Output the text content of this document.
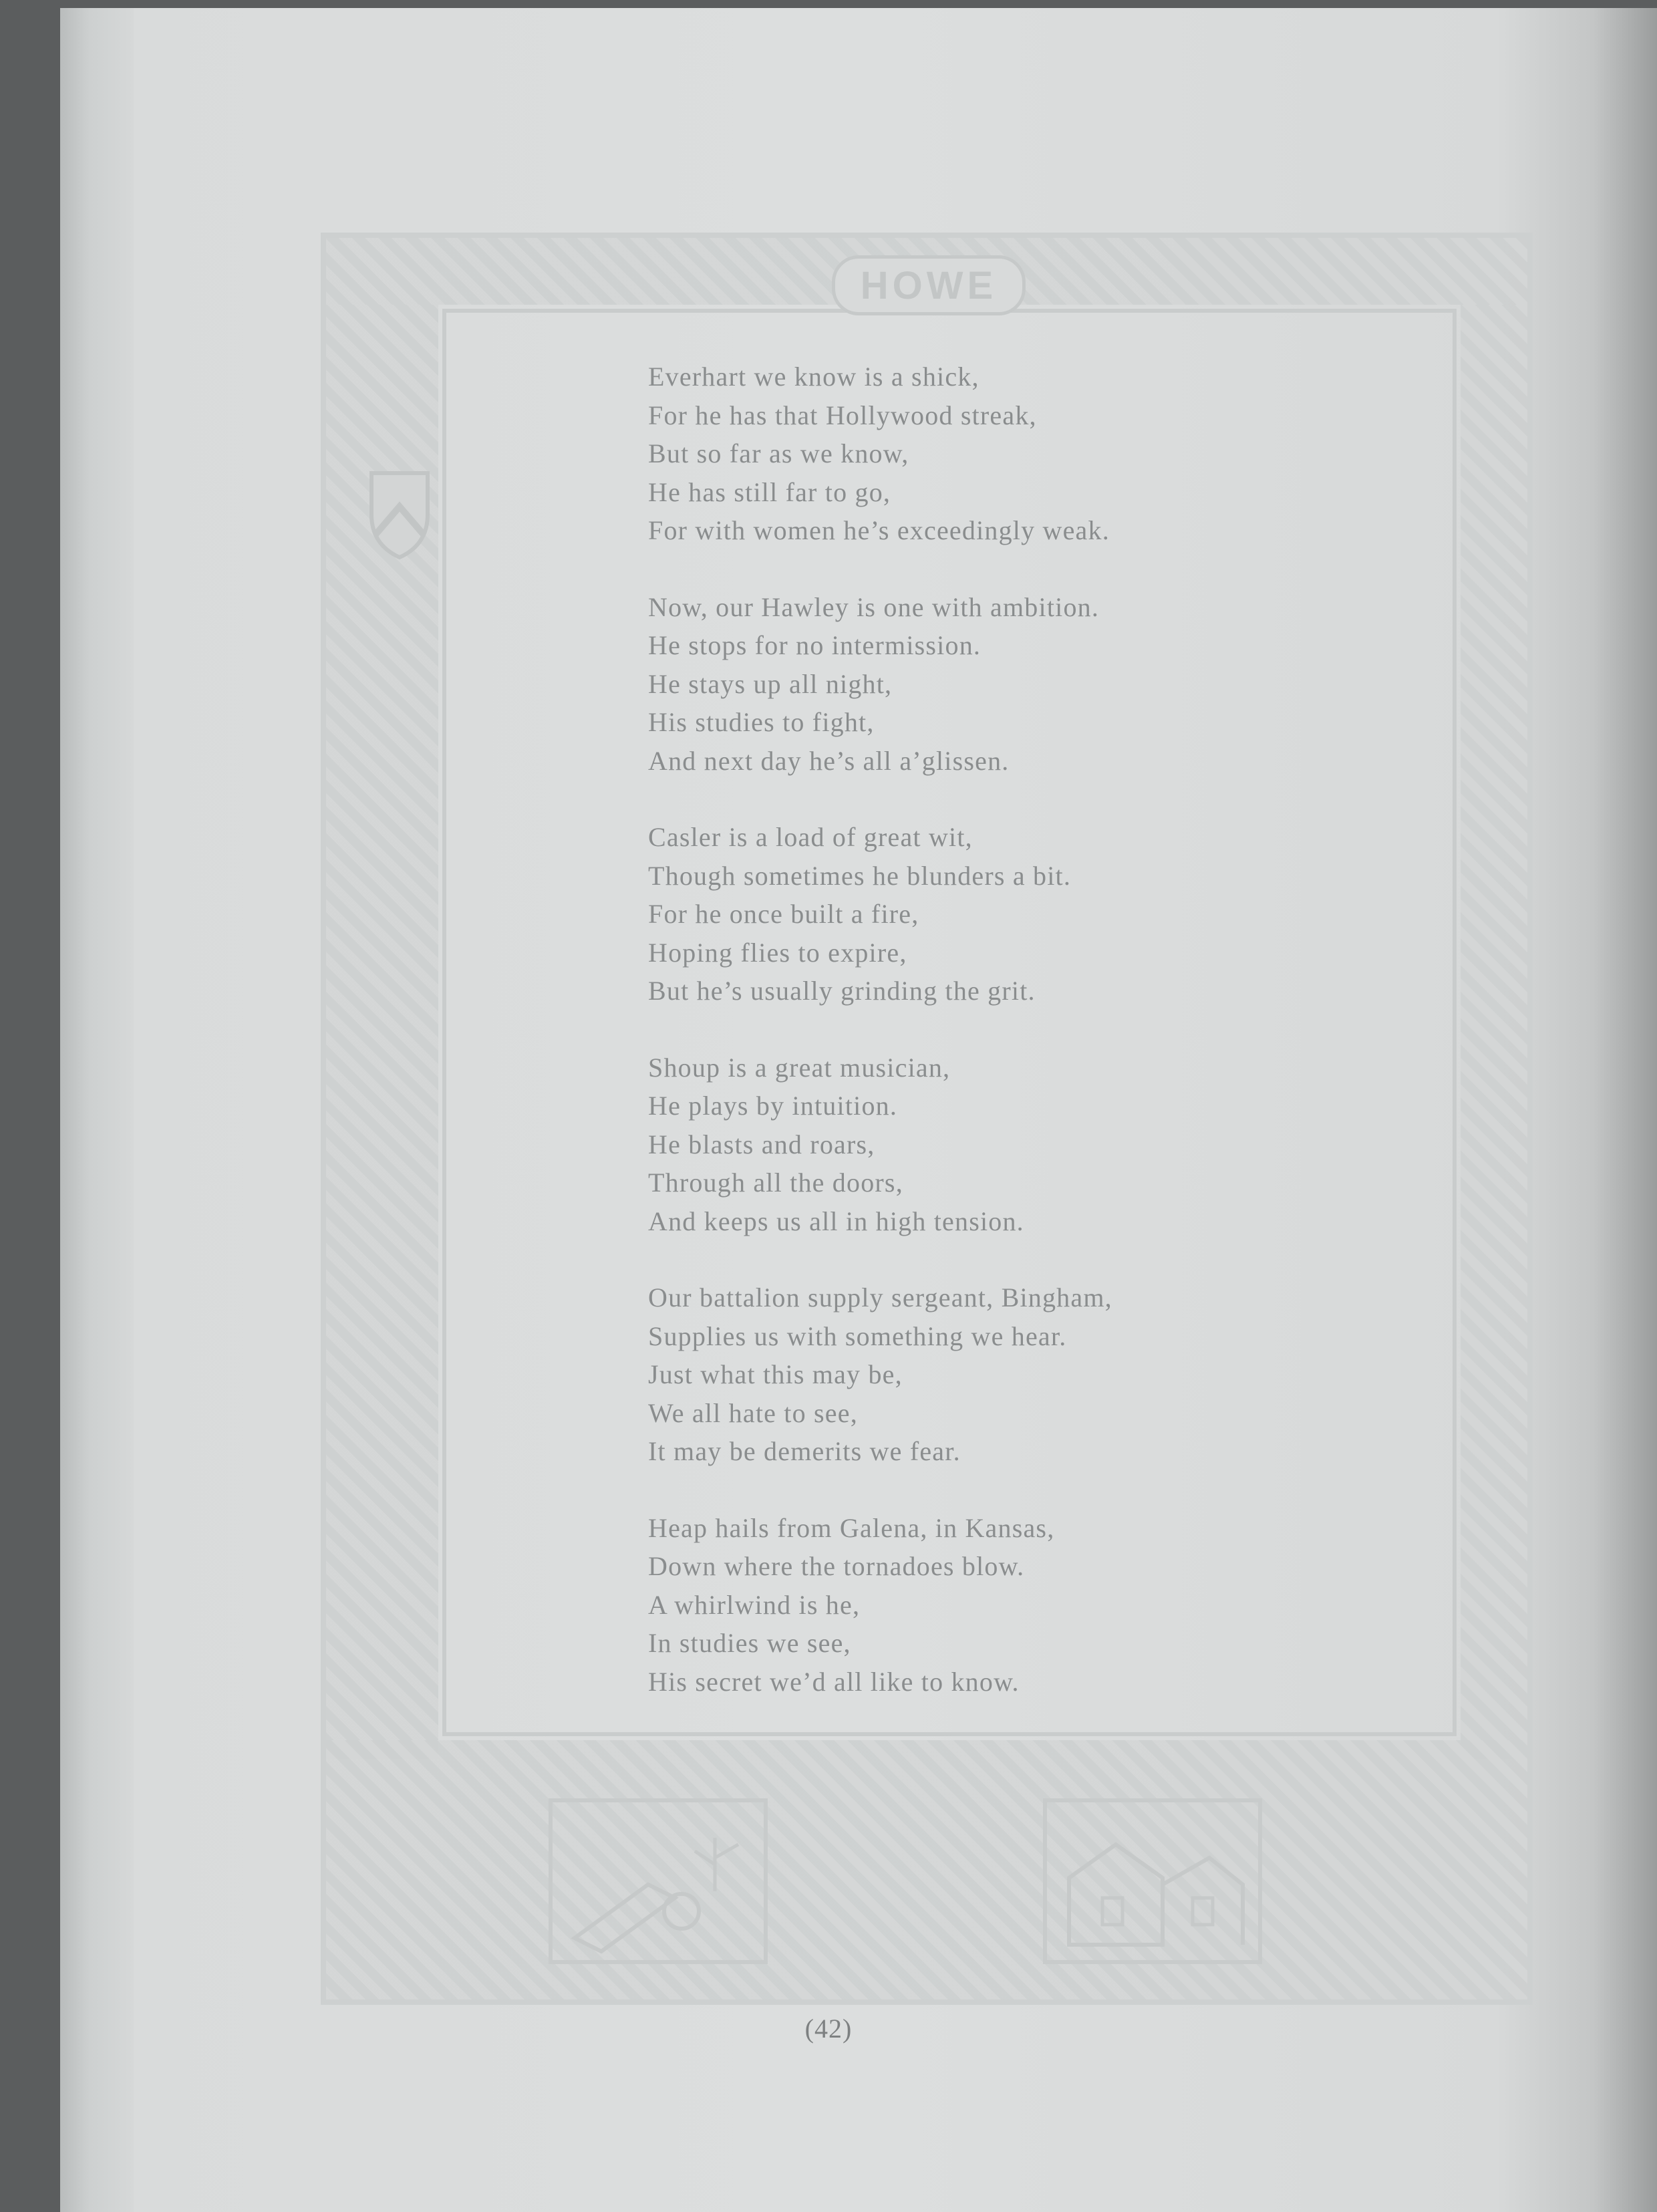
HOWE
Everhart we know is a shick,
For he has that Hollywood streak,
But so far as we know,
He has still far to go,
For with women he’s exceedingly weak.
Now, our Hawley is one with ambition.
He stops for no intermission.
He stays up all night,
His studies to fight,
And next day he’s all a’glissen.
Casler is a load of great wit,
Though sometimes he blunders a bit.
For he once built a fire,
Hoping flies to expire,
But he’s usually grinding the grit.
Shoup is a great musician,
He plays by intuition.
He blasts and roars,
Through all the doors,
And keeps us all in high tension.
Our battalion supply sergeant, Bingham,
Supplies us with something we hear.
Just what this may be,
We all hate to see,
It may be demerits we fear.
Heap hails from Galena, in Kansas,
Down where the tornadoes blow.
A whirlwind is he,
In studies we see,
His secret we’d all like to know.
(42)
